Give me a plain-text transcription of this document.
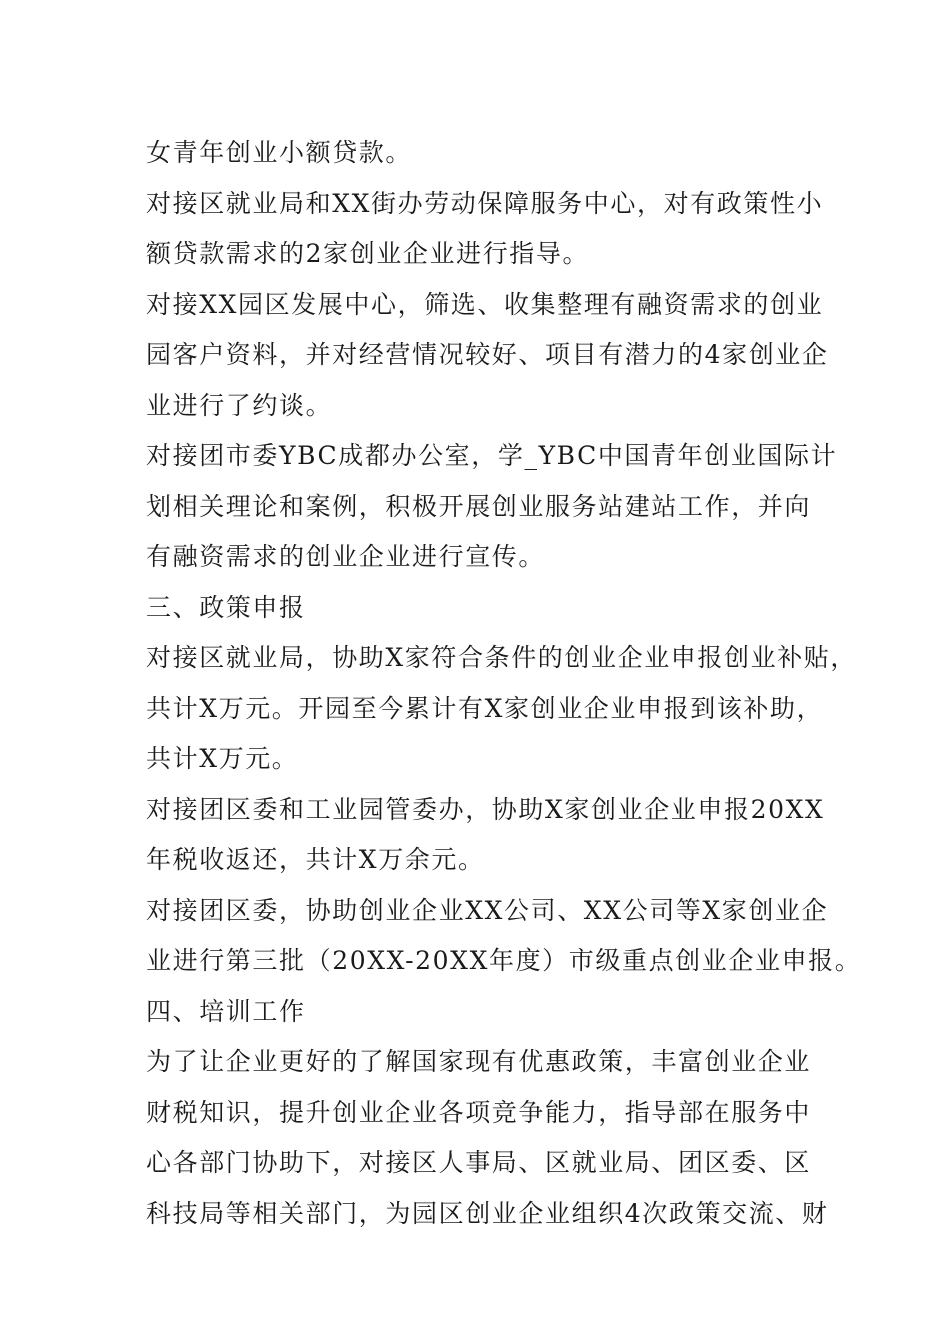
女青年创业小额贷款。
对接区就业局和XX街办劳动保障服务中心，对有政策性小
额贷款需求的2家创业企业进行指导。
对接XX园区发展中心，筛选、收集整理有融资需求的创业
园客户资料，并对经营情况较好、项目有潜力的4家创业企
业进行了约谈。
对接团市委YBC成都办公室，学_YBC中国青年创业国际计
划相关理论和案例，积极开展创业服务站建站工作，并向
有融资需求的创业企业进行宣传。
三、政策申报
对接区就业局，协助X家符合条件的创业企业申报创业补贴，
共计X万元。开园至今累计有X家创业企业申报到该补助，
共计X万元。
对接团区委和工业园管委办，协助X家创业企业申报20XX
年税收返还，共计X万余元。
对接团区委，协助创业企业XX公司、XX公司等X家创业企
业进行第三批（20XX-20XX年度）市级重点创业企业申报。
四、培训工作
为了让企业更好的了解国家现有优惠政策，丰富创业企业
财税知识，提升创业企业各项竞争能力，指导部在服务中
心各部门协助下，对接区人事局、区就业局、团区委、区
科技局等相关部门，为园区创业企业组织4次政策交流、财
